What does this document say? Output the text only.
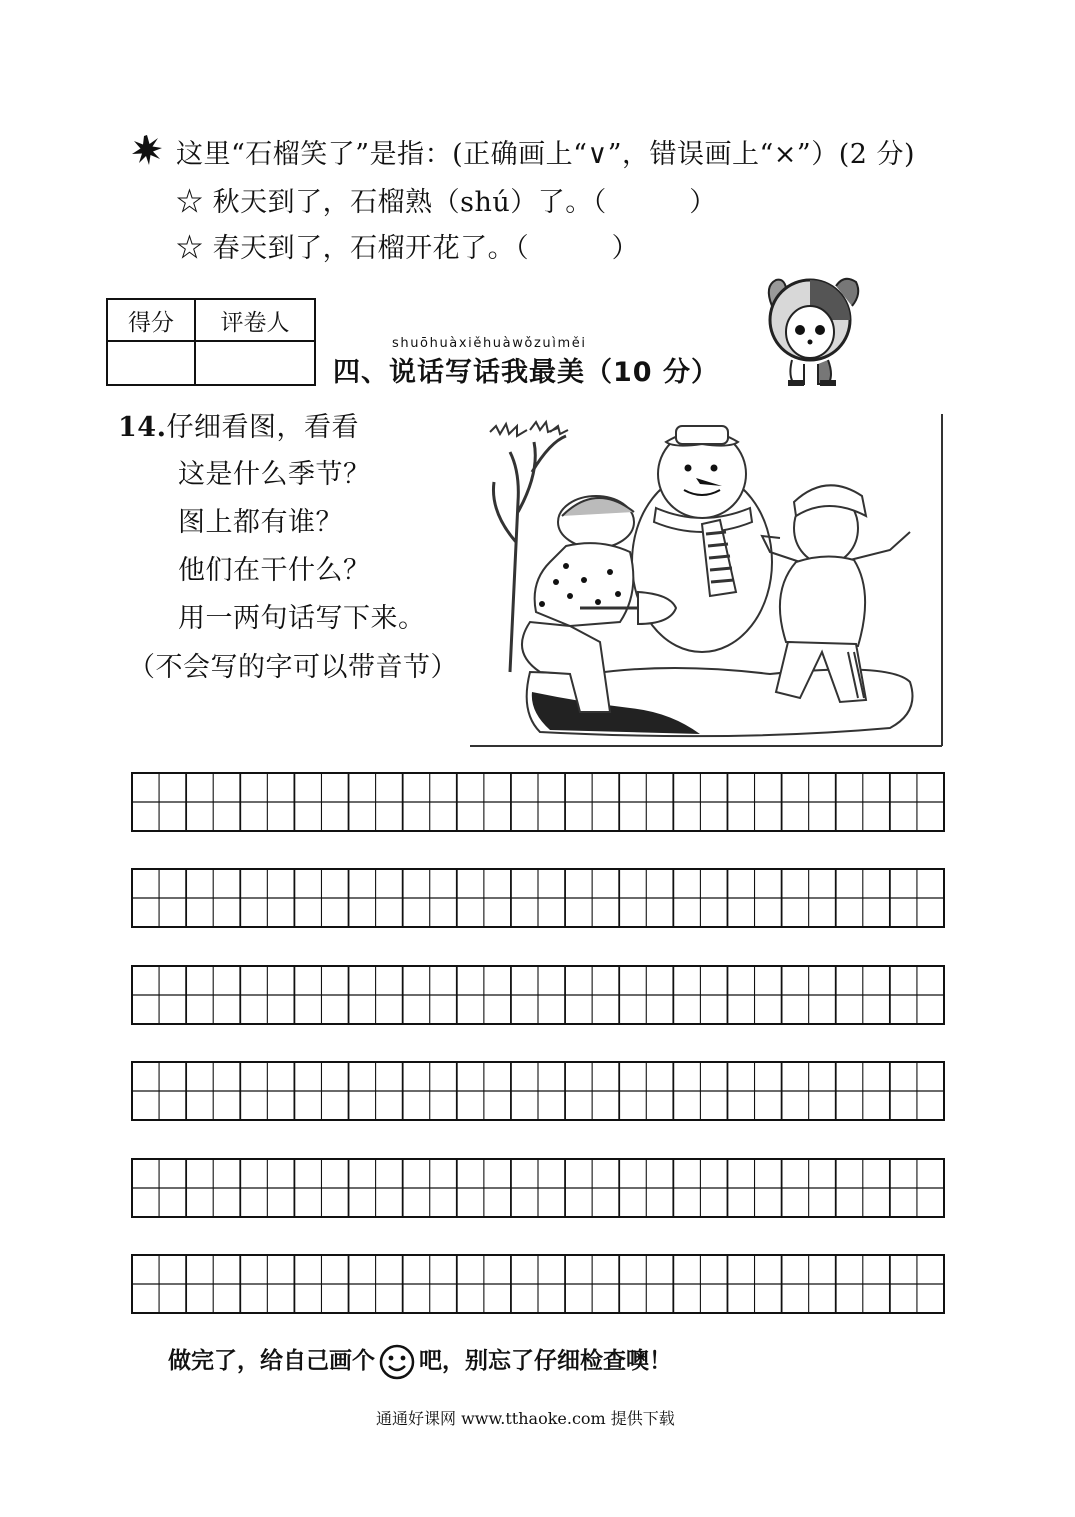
这里“石榴笑了”是指：(正确画上“∨”，错误画上“×”）(2 分)
☆ 秋天到了，石榴熟（shú）了。（　　　）
☆ 春天到了，石榴开花了。（　　　）
得分	评卷人

shuōhuàxiěhuàwǒzuìměi
四、说话写话我最美（10 分）
14.仔细看图，看看
这是什么季节？
图上都有谁？
他们在干什么？
用一两句话写下来。
（不会写的字可以带音节）
做完了，给自己画个 吧，别忘了仔细检查噢！
通通好课网 www.tthaoke.com 提供下载
